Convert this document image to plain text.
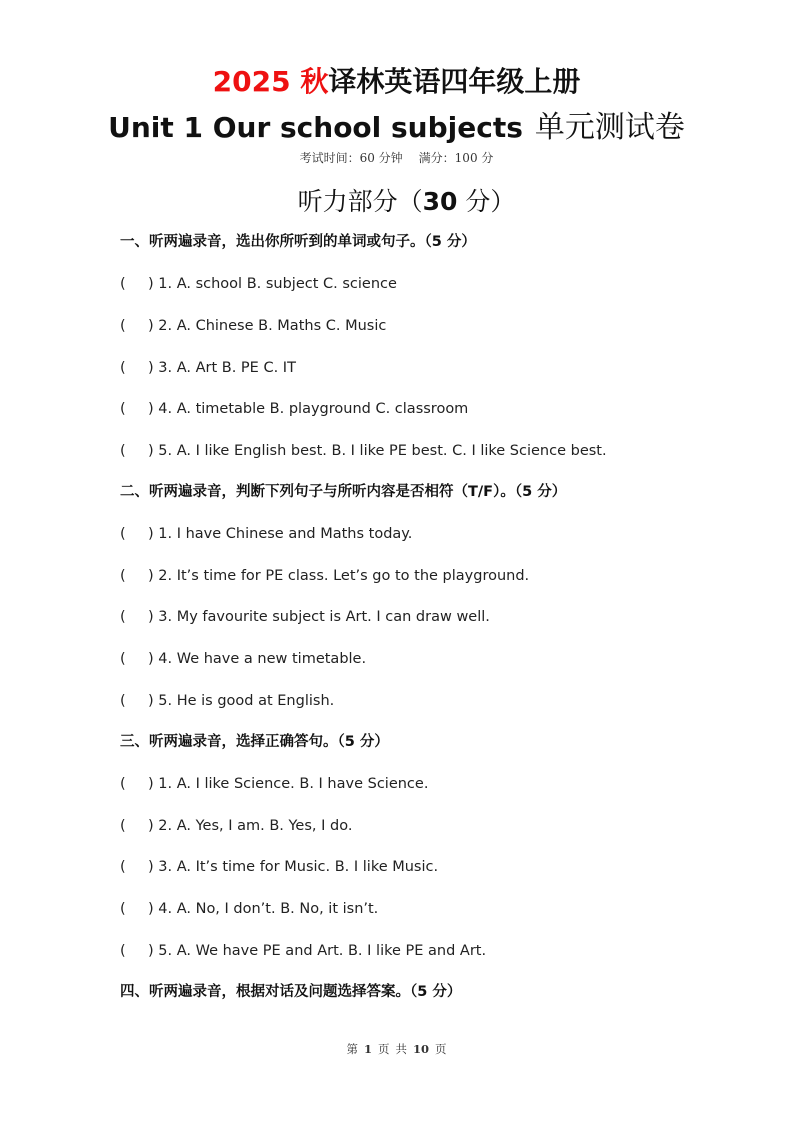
2025 秋译林英语四年级上册
Unit 1 Our school subjects 单元测试卷
考试时间：60 分钟 满分：100 分
听力部分（30 分）
一、听两遍录音，选出你所听到的单词或句子。（5 分）
( ) 1. A. school B. subject C. science
( ) 2. A. Chinese B. Maths C. Music
( ) 3. A. Art B. PE C. IT
( ) 4. A. timetable B. playground C. classroom
( ) 5. A. I like English best. B. I like PE best. C. I like Science best.
二、听两遍录音，判断下列句子与所听内容是否相符（T/F）。（5 分）
( ) 1. I have Chinese and Maths today.
( ) 2. It’s time for PE class. Let’s go to the playground.
( ) 3. My favourite subject is Art. I can draw well.
( ) 4. We have a new timetable.
( ) 5. He is good at English.
三、听两遍录音，选择正确答句。（5 分）
( ) 1. A. I like Science. B. I have Science.
( ) 2. A. Yes, I am. B. Yes, I do.
( ) 3. A. It’s time for Music. B. I like Music.
( ) 4. A. No, I don’t. B. No, it isn’t.
( ) 5. A. We have PE and Art. B. I like PE and Art.
四、听两遍录音，根据对话及问题选择答案。（5 分）
第 1 页 共 10 页
